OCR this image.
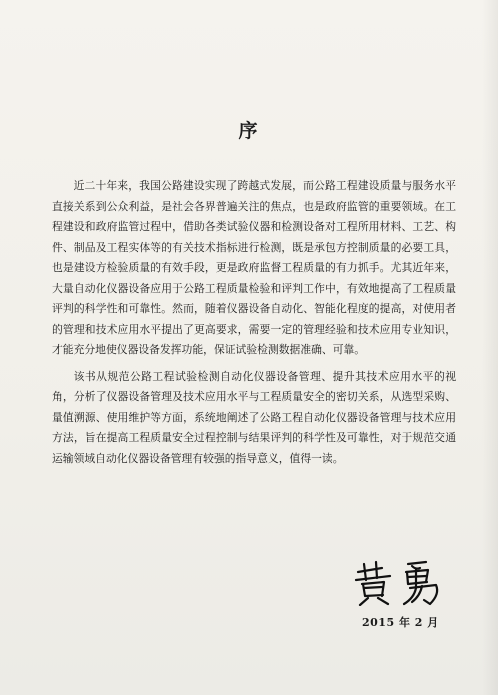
序

近二十年来，我国公路建设实现了跨越式发展，而公路工程建设质量与服务水平直接关系到公众利益，是社会各界普遍关注的焦点，也是政府监管的重要领域。在工程建设和政府监管过程中，借助各类试验仪器和检测设备对工程所用材料、工艺、构件、制品及工程实体等的有关技术指标进行检测，既是承包方控制质量的必要工具，也是建设方检验质量的有效手段，更是政府监督工程质量的有力抓手。尤其近年来，大量自动化仪器设备应用于公路工程质量检验和评判工作中，有效地提高了工程质量评判的科学性和可靠性。然而，随着仪器设备自动化、智能化程度的提高，对使用者的管理和技术应用水平提出了更高要求，需要一定的管理经验和技术应用专业知识，才能充分地使仪器设备发挥功能，保证试验检测数据准确、可靠。

该书从规范公路工程试验检测自动化仪器设备管理、提升其技术应用水平的视角，分析了仪器设备管理及技术应用水平与工程质量安全的密切关系，从选型采购、量值溯源、使用维护等方面，系统地阐述了公路工程自动化仪器设备管理与技术应用方法，旨在提高工程质量安全过程控制与结果评判的科学性及可靠性，对于规范交通运输领域自动化仪器设备管理有较强的指导意义，值得一读。

2015 年 2 月
